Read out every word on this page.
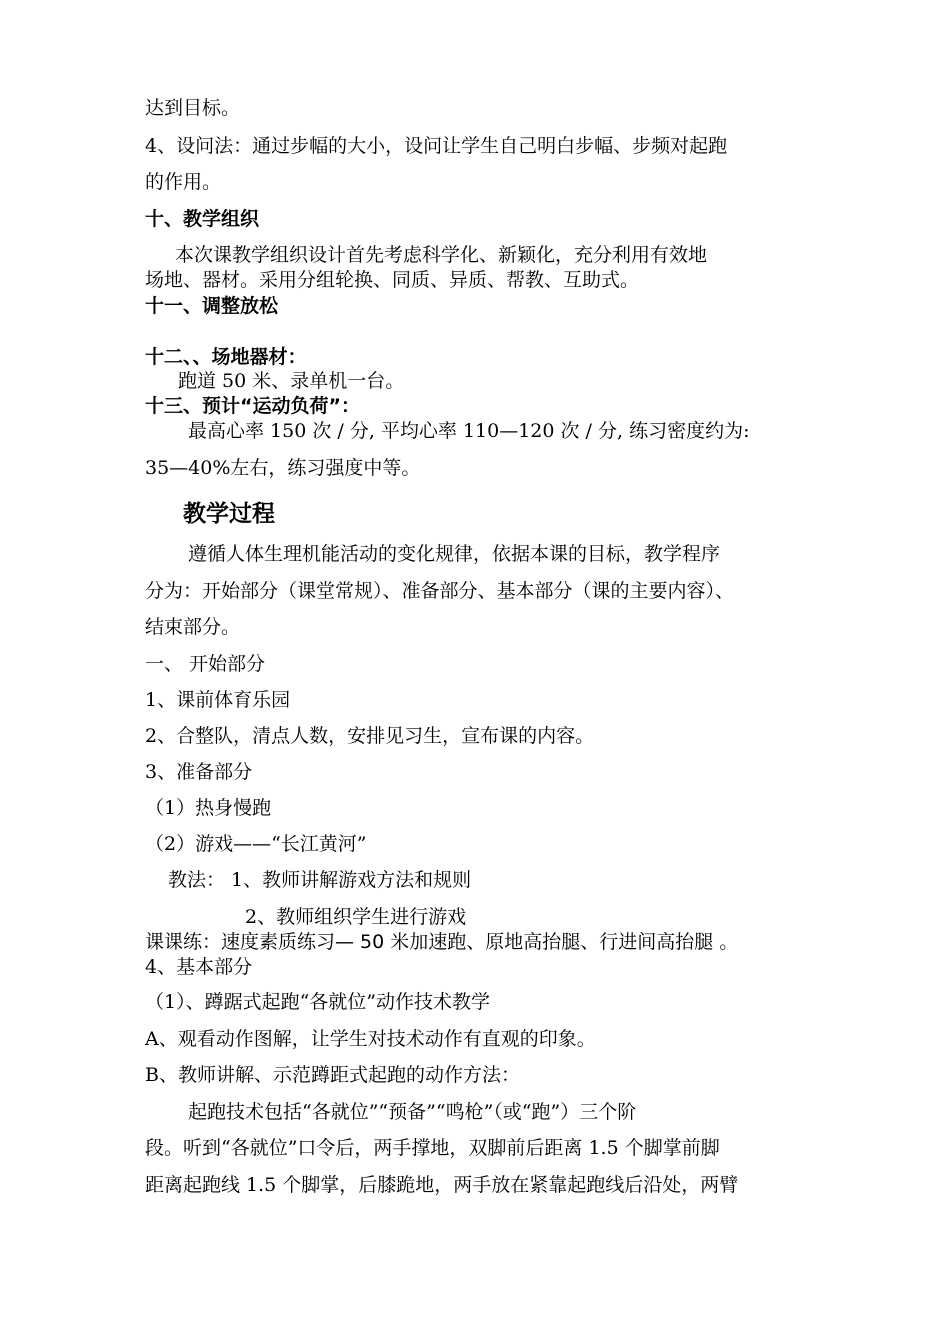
达到目标。

4、设问法：通过步幅的大小，设问让学生自己明白步幅、步频对起跑

的作用。

十、教学组织

本次课教学组织设计首先考虑科学化、新颖化，充分利用有效地

场地、器材。采用分组轮换、同质、异质、帮教、互助式。

十一、调整放松

十二、、场地器材：

跑道 50 米、录单机一台。

十三、预计“运动负荷”：

最高心率 150 次 / 分, 平均心率 110—120 次 / 分, 练习密度约为:

35—40%左右，练习强度中等。

教学过程

遵循人体生理机能活动的变化规律，依据本课的目标，教学程序

分为：开始部分（课堂常规）、准备部分、基本部分（课的主要内容）、

结束部分。

一、 开始部分

1、课前体育乐园

2、合整队，清点人数，安排见习生，宣布课的内容。

3、准备部分

（1）热身慢跑

（2）游戏——“长江黄河”

教法： 1、教师讲解游戏方法和规则

2、教师组织学生进行游戏

课课练：速度素质练习— 50 米加速跑、原地高抬腿、行进间高抬腿 。

4、基本部分

（1）、蹲踞式起跑“各就位”动作技术教学

A、观看动作图解，让学生对技术动作有直观的印象。

B、教师讲解、示范蹲距式起跑的动作方法：

起跑技术包括“各就位”“预备”“鸣枪”（或“跑”）三个阶

段。听到“各就位”口令后，两手撑地，双脚前后距离 1.5 个脚掌前脚

距离起跑线 1.5 个脚掌，后膝跪地，两手放在紧靠起跑线后沿处，两臂
